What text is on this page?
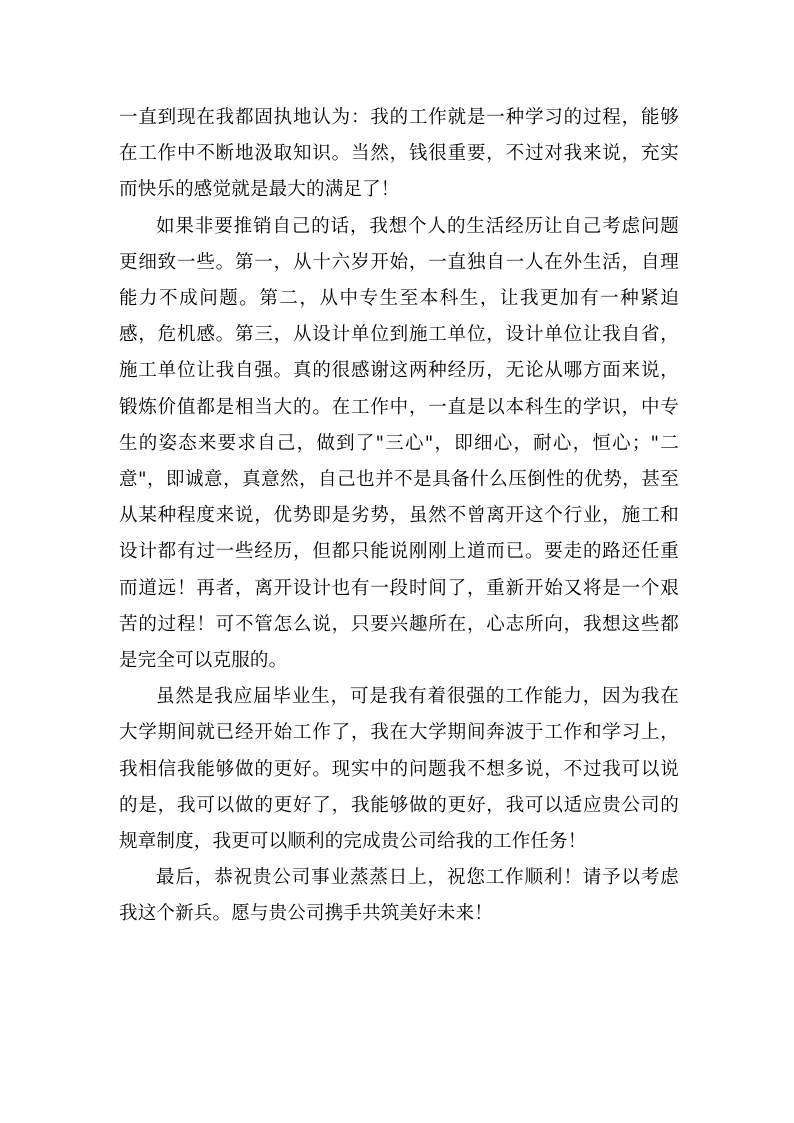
一直到现在我都固执地认为：我的工作就是一种学习的过程，能够在工作中不断地汲取知识。当然，钱很重要，不过对我来说，充实而快乐的感觉就是最大的满足了！

如果非要推销自己的话，我想个人的生活经历让自己考虑问题更细致一些。第一，从十六岁开始，一直独自一人在外生活，自理能力不成问题。第二，从中专生至本科生，让我更加有一种紧迫感，危机感。第三，从设计单位到施工单位，设计单位让我自省，施工单位让我自强。真的很感谢这两种经历，无论从哪方面来说，锻炼价值都是相当大的。在工作中，一直是以本科生的学识，中专生的姿态来要求自己，做到了"三心"，即细心，耐心，恒心；"二意"，即诚意，真意然，自己也并不是具备什么压倒性的优势，甚至从某种程度来说，优势即是劣势，虽然不曾离开这个行业，施工和设计都有过一些经历，但都只能说刚刚上道而已。要走的路还任重而道远！再者，离开设计也有一段时间了，重新开始又将是一个艰苦的过程！可不管怎么说，只要兴趣所在，心志所向，我想这些都是完全可以克服的。

虽然是我应届毕业生，可是我有着很强的工作能力，因为我在大学期间就已经开始工作了，我在大学期间奔波于工作和学习上，我相信我能够做的更好。现实中的问题我不想多说，不过我可以说的是，我可以做的更好了，我能够做的更好，我可以适应贵公司的规章制度，我更可以顺利的完成贵公司给我的工作任务！

最后，恭祝贵公司事业蒸蒸日上，祝您工作顺利！请予以考虑我这个新兵。愿与贵公司携手共筑美好未来！
